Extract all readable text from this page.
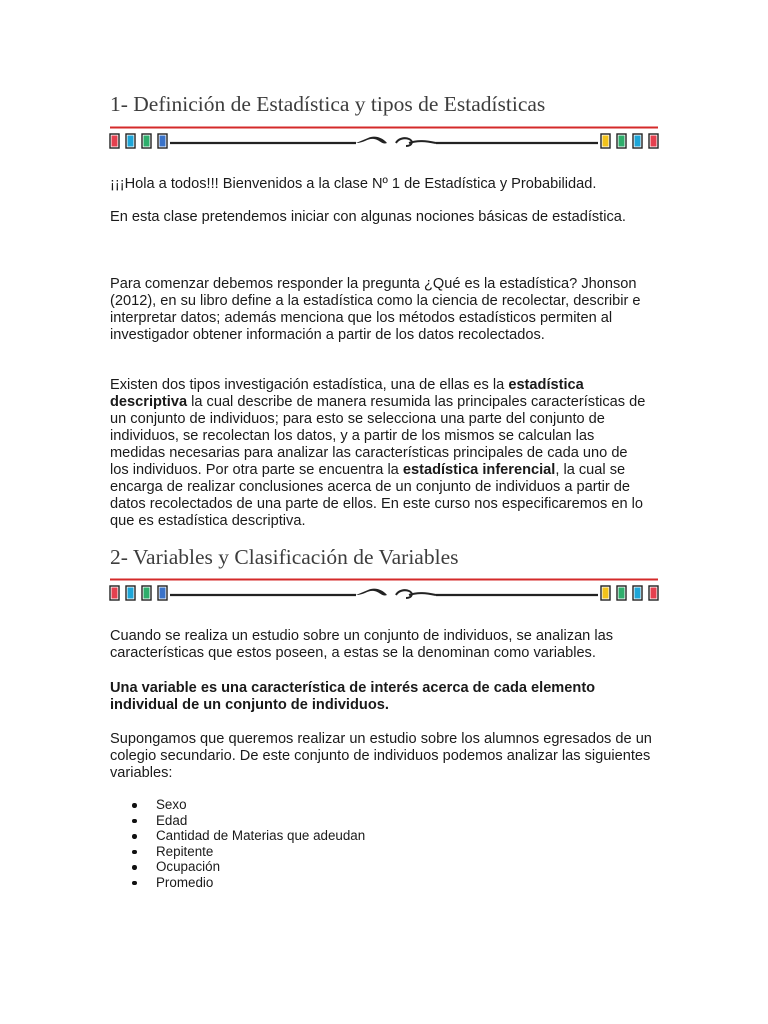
1- Definición de Estadística y tipos de Estadísticas

¡¡¡Hola a todos!!! Bienvenidos a la clase Nº 1 de Estadística y Probabilidad.

En esta clase pretendemos iniciar con algunas nociones básicas de estadística.

Para comenzar debemos responder la pregunta ¿Qué es la estadística? Jhonson (2012), en su libro define a la estadística como la ciencia de recolectar, describir e interpretar datos; además menciona que los métodos estadísticos permiten al investigador obtener información a partir de los datos recolectados.

Existen dos tipos investigación estadística, una de ellas es la estadística descriptiva la cual describe de manera resumida las principales características de un conjunto de individuos; para esto se selecciona una parte del conjunto de individuos, se recolectan los datos, y a partir de los mismos se calculan las medidas necesarias para analizar las características principales de cada uno de los individuos. Por otra parte se encuentra la estadística inferencial, la cual se encarga de realizar conclusiones acerca de un conjunto de individuos a partir de datos recolectados de una parte de ellos. En este curso nos especificaremos en lo que es estadística descriptiva.

2- Variables y Clasificación de Variables

Cuando se realiza un estudio sobre un conjunto de individuos, se analizan las características que estos poseen, a estas se la denominan como variables.

Una variable es una característica de interés acerca de cada elemento individual de un conjunto de individuos.

Supongamos que queremos realizar un estudio sobre los alumnos egresados de un colegio secundario. De este conjunto de individuos podemos analizar las siguientes variables:

Sexo
Edad
Cantidad de Materias que adeudan
Repitente
Ocupación
Promedio
